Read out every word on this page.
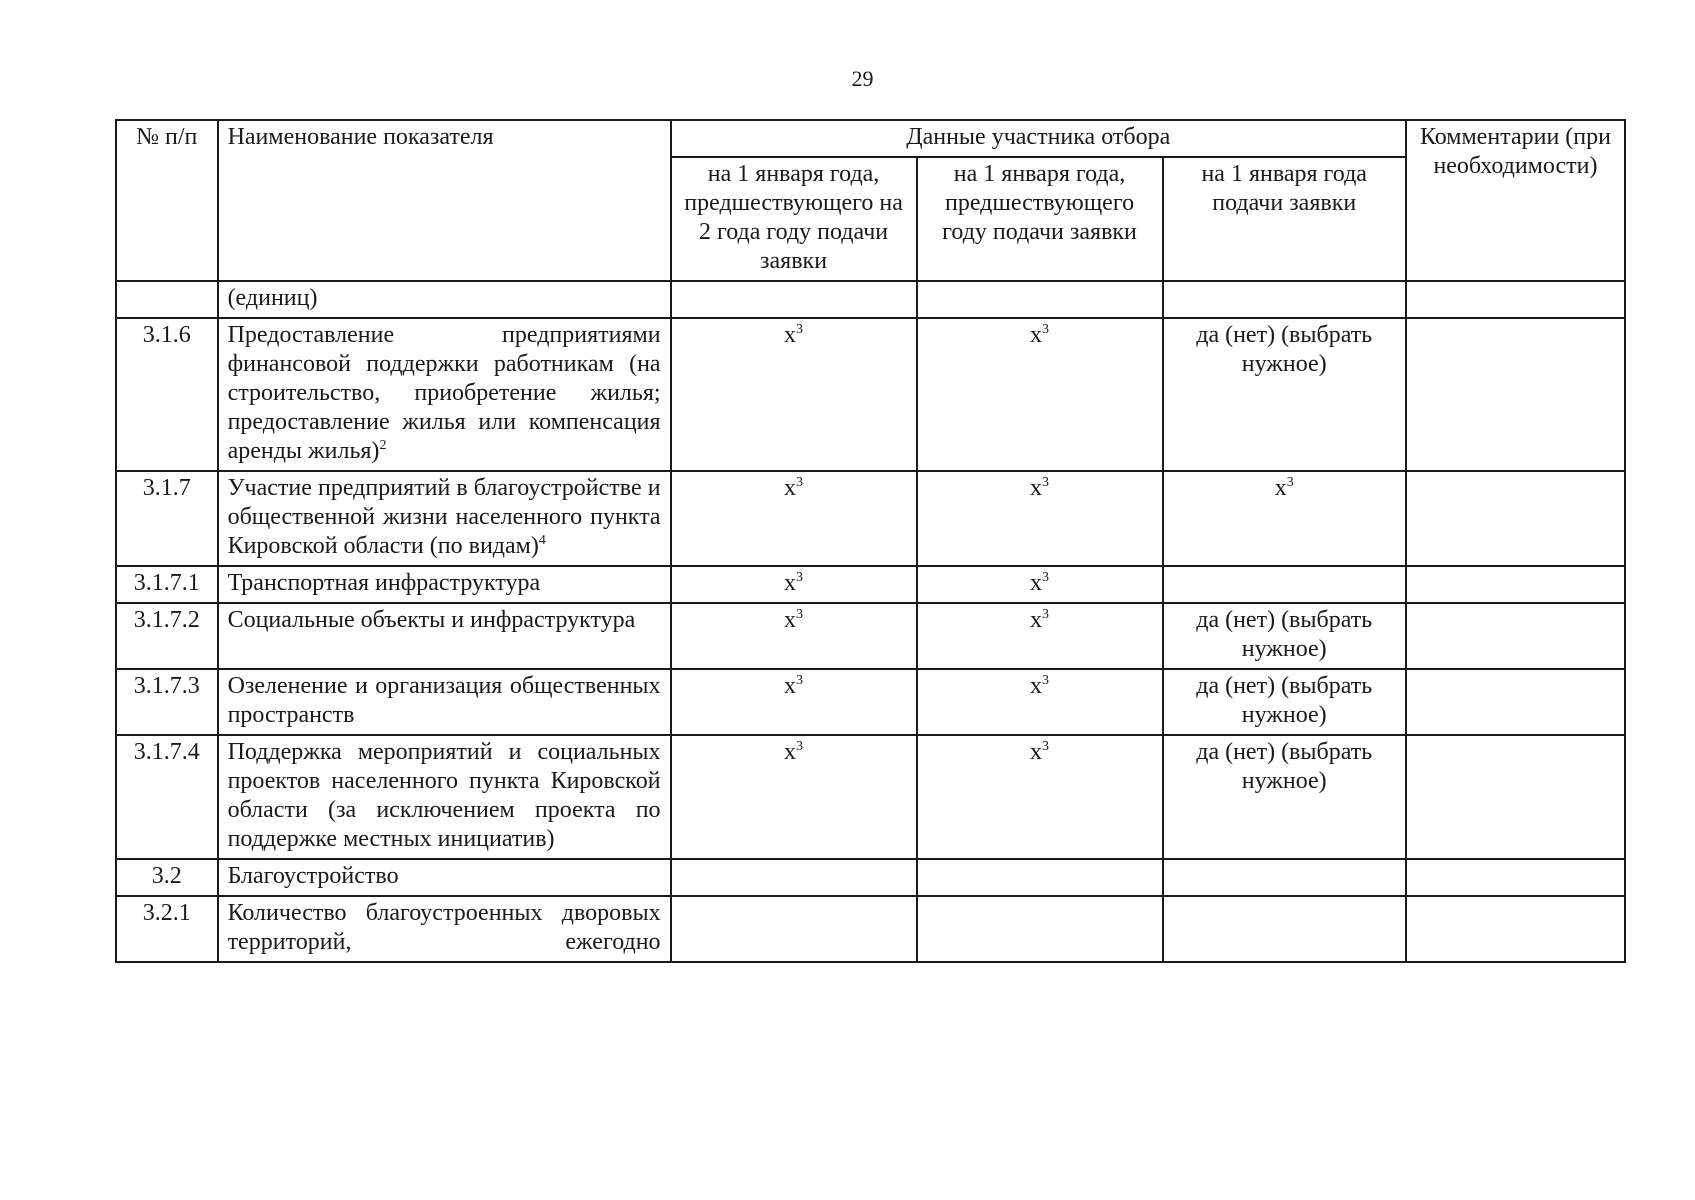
29
№ п/п	Наименование показателя	Данные участника отбора			Комментарии (при необходимости)
		на 1 января года, предшествующего на 2 года году подачи заявки	на 1 января года, предшествующего году подачи заявки	на 1 января года подачи заявки	
	(единиц)				
3.1.6	Предоставление предприятиями финансовой поддержки работникам (на строительство, приобретение жилья; предоставление жилья или компенсация аренды жилья)$^2$	$х^3$	$х^3$	да (нет) (выбрать нужное)	
3.1.7	Участие предприятий в благоустройстве и общественной жизни населенного пункта Кировской области (по видам)$^4$	$х^3$	$х^3$	$х^3$	
3.1.7.1	Транспортная инфраструктура	$х^3$	$х^3$		
3.1.7.2	Социальные объекты и инфраструктура	$х^3$	$х^3$	да (нет) (выбрать нужное)	
3.1.7.3	Озеленение и организация общественных пространств	$х^3$	$х^3$	да (нет) (выбрать нужное)	
3.1.7.4	Поддержка мероприятий и социальных проектов населенного пункта Кировской области (за исключением проекта по поддержке местных инициатив)	$х^3$	$х^3$	да (нет) (выбрать нужное)	
3.2	Благоустройство				
3.2.1	Количество благоустроенных дворовых территорий, ежегодно				
